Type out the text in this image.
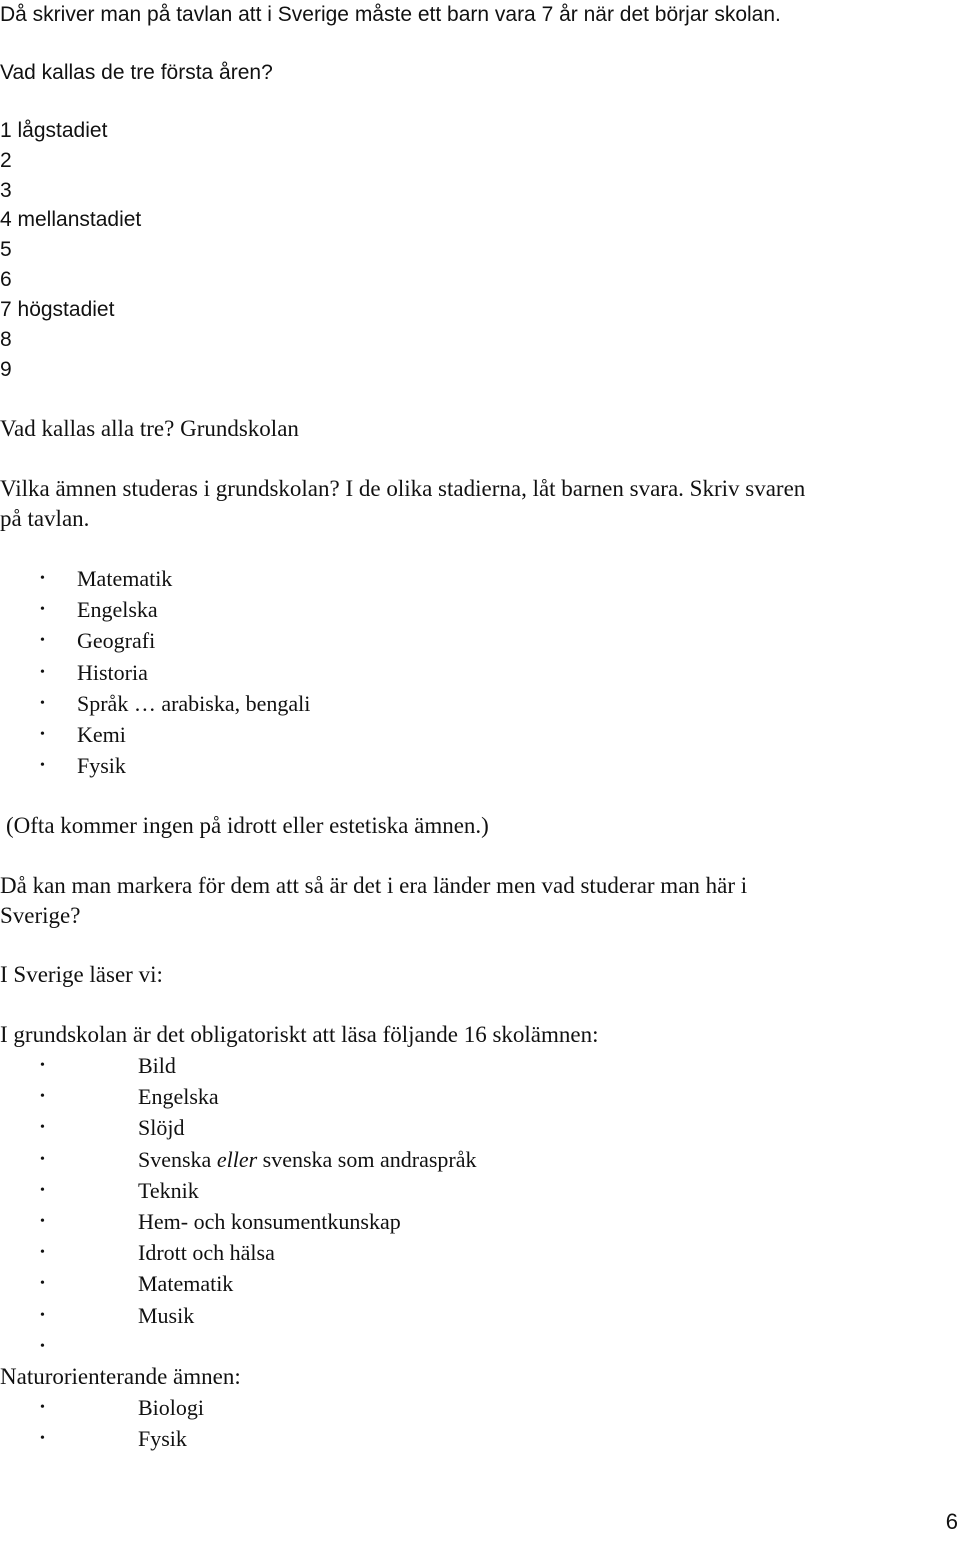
Då skriver man på tavlan att i Sverige måste ett barn vara 7 år när det börjar skolan.
Vad kallas de tre första åren?
1 lågstadiet
2
3
4 mellanstadiet
5
6
7 högstadiet
8
9
Vad kallas alla tre? Grundskolan
Vilka ämnen studeras i grundskolan? I de olika stadierna, låt barnen svara. Skriv svaren
på tavlan.
• Matematik
• Engelska
• Geografi
• Historia
• Språk … arabiska, bengali
• Kemi
• Fysik
(Ofta kommer ingen på idrott eller estetiska ämnen.)
Då kan man markera för dem att så är det i era länder men vad studerar man här i
Sverige?
I Sverige läser vi:
I grundskolan är det obligatoriskt att läsa följande 16 skolämnen:
•	Bild
•	Engelska
•	Slöjd
•	Svenska eller svenska som andraspråk
•	Teknik
•	Hem- och konsumentkunskap
•	Idrott och hälsa
•	Matematik
•	Musik
•
Naturorienterande ämnen:
•	Biologi
•	Fysik
6
